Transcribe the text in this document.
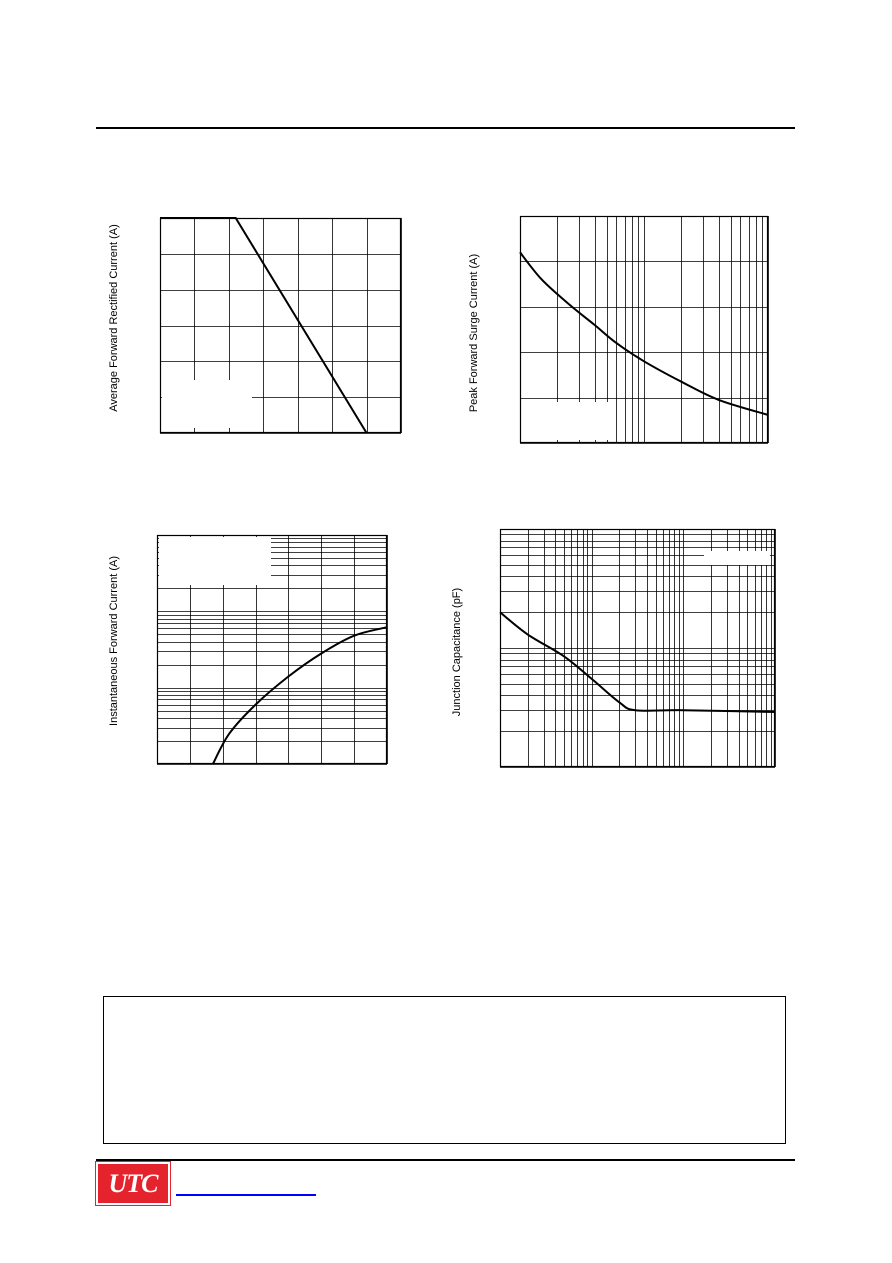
Average Forward Rectified Current (A)	Peak Forward Surge Current (A)
Instantaneous Forward Current (A)	Junction Capacitance (pF)
UTC
